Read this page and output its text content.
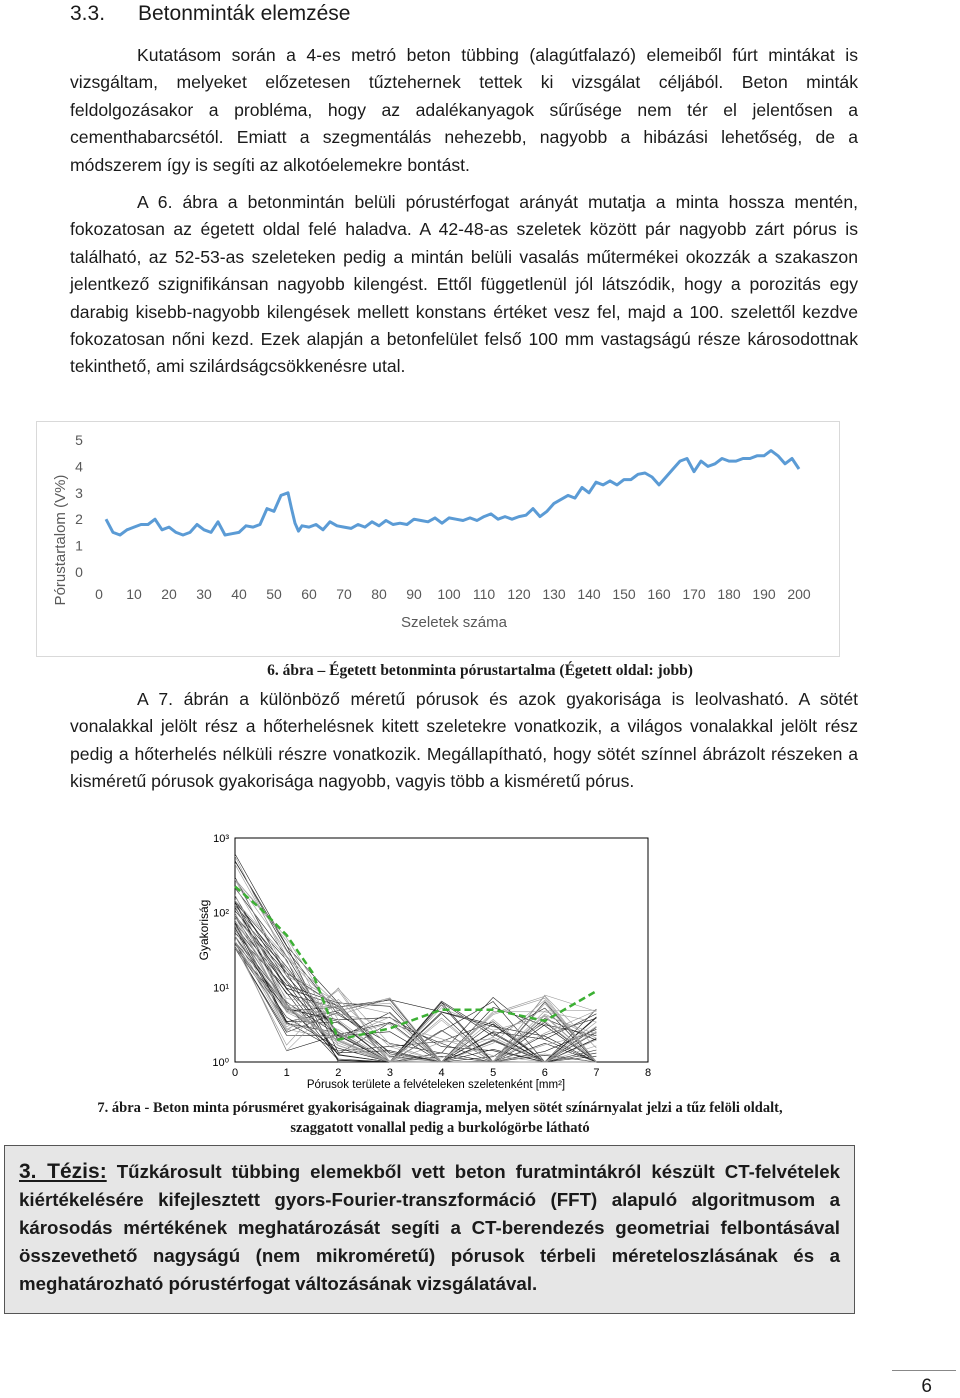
3.3. Betonminták elemzése

Kutatásom során a 4-es metró beton tübbing (alagútfalazó) elemeiből fúrt mintákat is vizsgáltam, melyeket előzetesen tűztehernek tettek ki vizsgálat céljából. Beton minták feldolgozásakor a probléma, hogy az adalékanyagok sűrűsége nem tér el jelentősen a cementhabarcsétól. Emiatt a szegmentálás nehezebb, nagyobb a hibázási lehetőség, de a módszerem így is segíti az alkotóelemekre bontást.

A 6. ábra a betonmintán belüli pórustérfogat arányát mutatja a minta hossza mentén, fokozatosan az égetett oldal felé haladva. A 42-48-as szeletek között pár nagyobb zárt pórus is található, az 52-53-as szeleteken pedig a mintán belüli vasalás műtermékei okozzák a szakaszon jelentkező szignifikánsan nagyobb kilengést. Ettől függetlenül jól látszódik, hogy a porozitás egy darabig kisebb-nagyobb kilengések mellett konstans értéket vesz fel, majd a 100. szelettől kezdve fokozatosan nőni kezd. Ezek alapján a betonfelület felső 100 mm vastagságú része károsodottnak tekinthető, ami szilárdságcsökkenésre utal.

Pórustartalom (V%)
Szeletek száma
0
1
2
3
4
5
0 10 20 30 40 50 60 70 80 90 100 110 120 130 140 150 160 170 180 190 200
6. ábra – Égetett betonminta pórustartalma (Égetett oldal: jobb)

A 7. ábrán a különböző méretű pórusok és azok gyakorisága is leolvasható. A sötét vonalakkal jelölt rész a hőterhelésnek kitett szeletekre vonatkozik, a világos vonalakkal jelölt rész pedig a hőterhelés nélküli részre vonatkozik. Megállapítható, hogy sötét színnel ábrázolt részeken a kisméretű pórusok gyakorisága nagyobb, vagyis több a kisméretű pórus.

Gyakoriság
Pórusok területe a felvételeken szeletenként [mm²]
0	1	2	3	4	5	6	7	8
10⁰
10¹
10²
10³
7. ábra - Beton minta pórusméret gyakoriságainak diagramja, melyen sötét színárnyalat jelzi a tűz felöli oldalt,
szaggatott vonallal pedig a burkológörbe látható
3. Tézis: Tűzkárosult tübbing elemekből vett beton furatmintákról készült CT-felvételek kiértékelésére kifejlesztett gyors-Fourier-transzformáció (FFT) alapuló algoritmusom a károsodás mértékének meghatározását segíti a CT-berendezés geometriai felbontásával összevethető nagyságú (nem mikroméretű) pórusok térbeli méreteloszlásának és a meghatározható pórustérfogat változásának vizsgálatával.
6
